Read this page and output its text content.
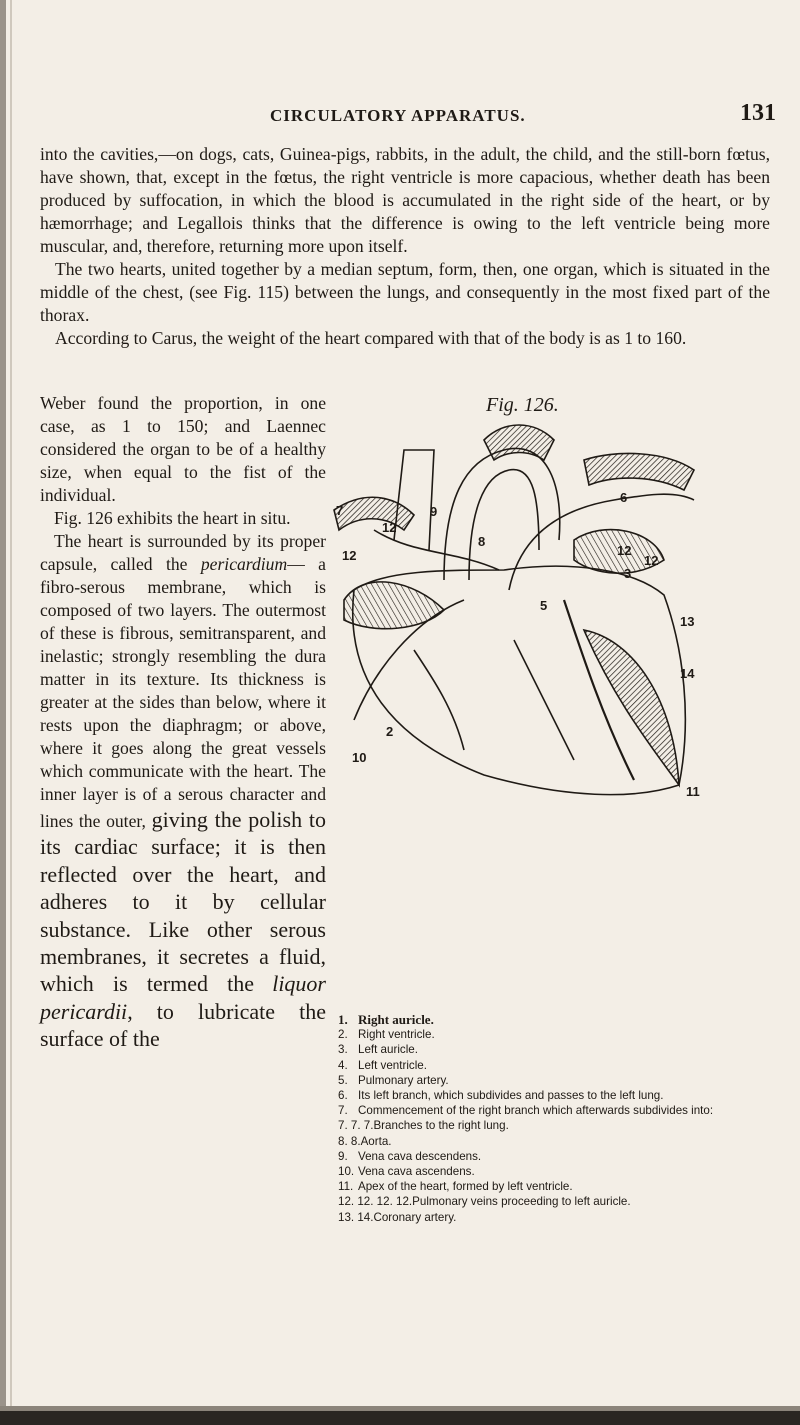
CIRCULATORY APPARATUS.	131

into the cavities,—on dogs, cats, Guinea-pigs, rabbits, in the adult, the child, and the still-born fœtus, have shown, that, except in the fœtus, the right ventricle is more capacious, whether death has been produced by suffocation, in which the blood is accumulated in the right side of the heart, or by hæmorrhage; and Legallois thinks that the difference is owing to the left ventricle being more muscular, and, therefore, returning more upon itself.

The two hearts, united together by a median septum, form, then, one organ, which is situated in the middle of the chest, (see Fig. 115) between the lungs, and consequently in the most fixed part of the thorax.

According to Carus, the weight of the heart compared with that of the body is as 1 to 160.

Weber found the proportion, in one case, as 1 to 150; and Laennec considered the organ to be of a healthy size, when equal to the fist of the individual.

Fig. 126 exhibits the heart in situ.

The heart is surrounded by its proper capsule, called the pericardium— a fibro-serous membrane, which is composed of two layers. The outermost of these is fibrous, semitransparent, and inelastic; strongly resembling the dura matter in its texture. Its thickness is greater at the sides than below, where it rests upon the diaphragm; or above, where it goes along the great vessels which communicate with the heart. The inner layer is of a serous character and lines the outer, giving the polish to its cardiac surface; it is then reflected over the heart, and adheres to it by cellular substance. Like other serous membranes, it secretes a fluid, which is termed the liquor pericardii, to lubricate the surface of the

Fig. 126.
12
7	9
12
8
6
12
12
3
5
13
14
2
10
11
1. Right auricle.
2. Right ventricle.
3. Left auricle.
4. Left ventricle.
5. Pulmonary artery.
6. Its left branch, which subdivides and passes to the left lung.
7. Commencement of the right branch which afterwards subdivides into:
7. 7. 7. Branches to the right lung.
8. 8. Aorta.
9. Vena cava descendens.
10. Vena cava ascendens.
11. Apex of the heart, formed by left ventricle.
12. 12. 12. 12. Pulmonary veins proceeding to left auricle.
13. 14. Coronary artery.
